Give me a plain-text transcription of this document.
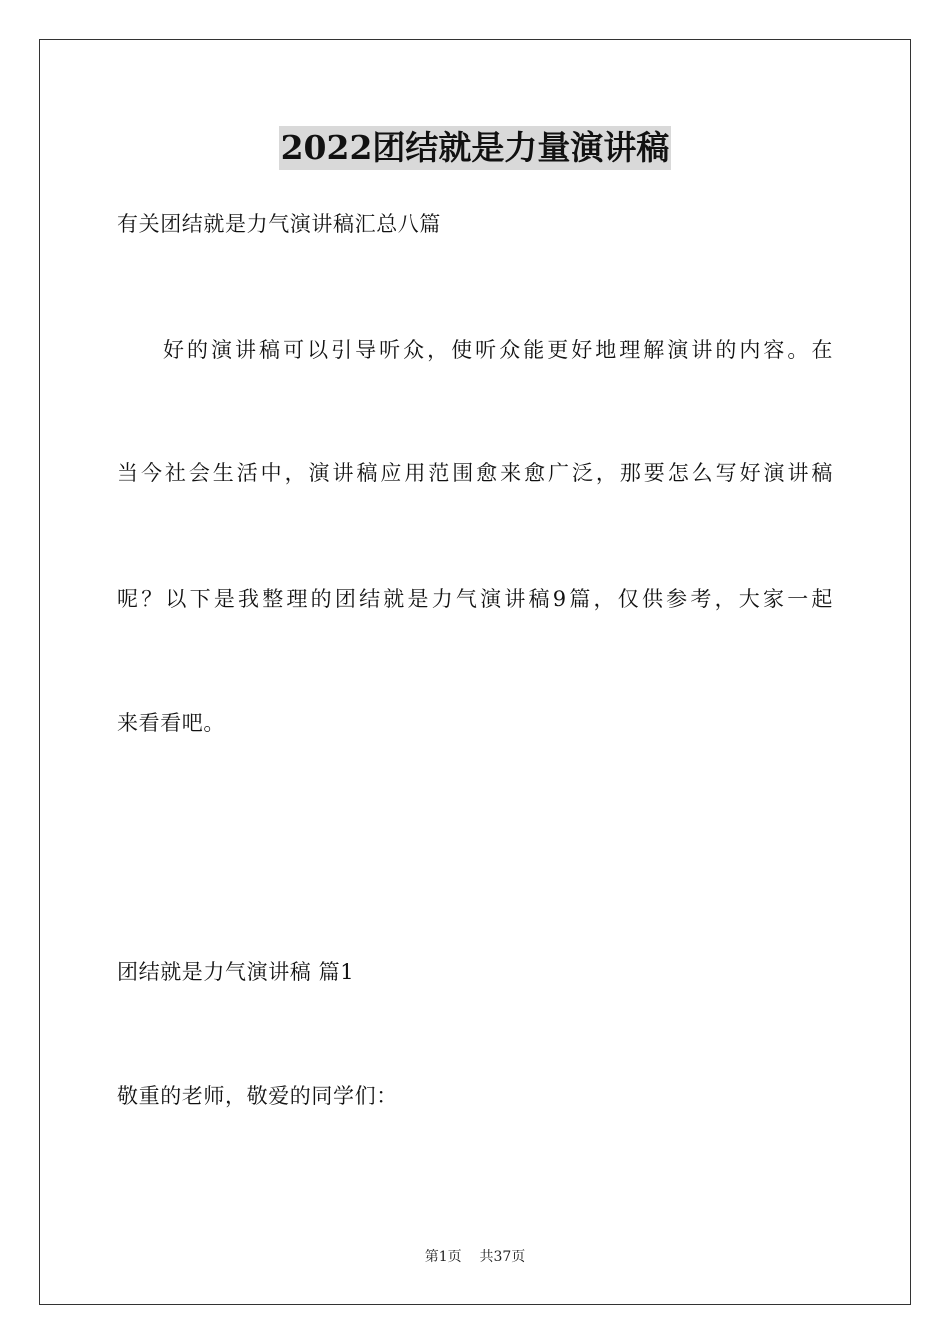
2022团结就是力量演讲稿
有关团结就是力气演讲稿汇总八篇
好的演讲稿可以引导听众，使听众能更好地理解演讲的内容。在
当今社会生活中，演讲稿应用范围愈来愈广泛，那要怎么写好演讲稿
呢？以下是我整理的团结就是力气演讲稿9篇，仅供参考，大家一起
来看看吧。
团结就是力气演讲稿 篇1
敬重的老师，敬爱的同学们：
第1页 共37页
